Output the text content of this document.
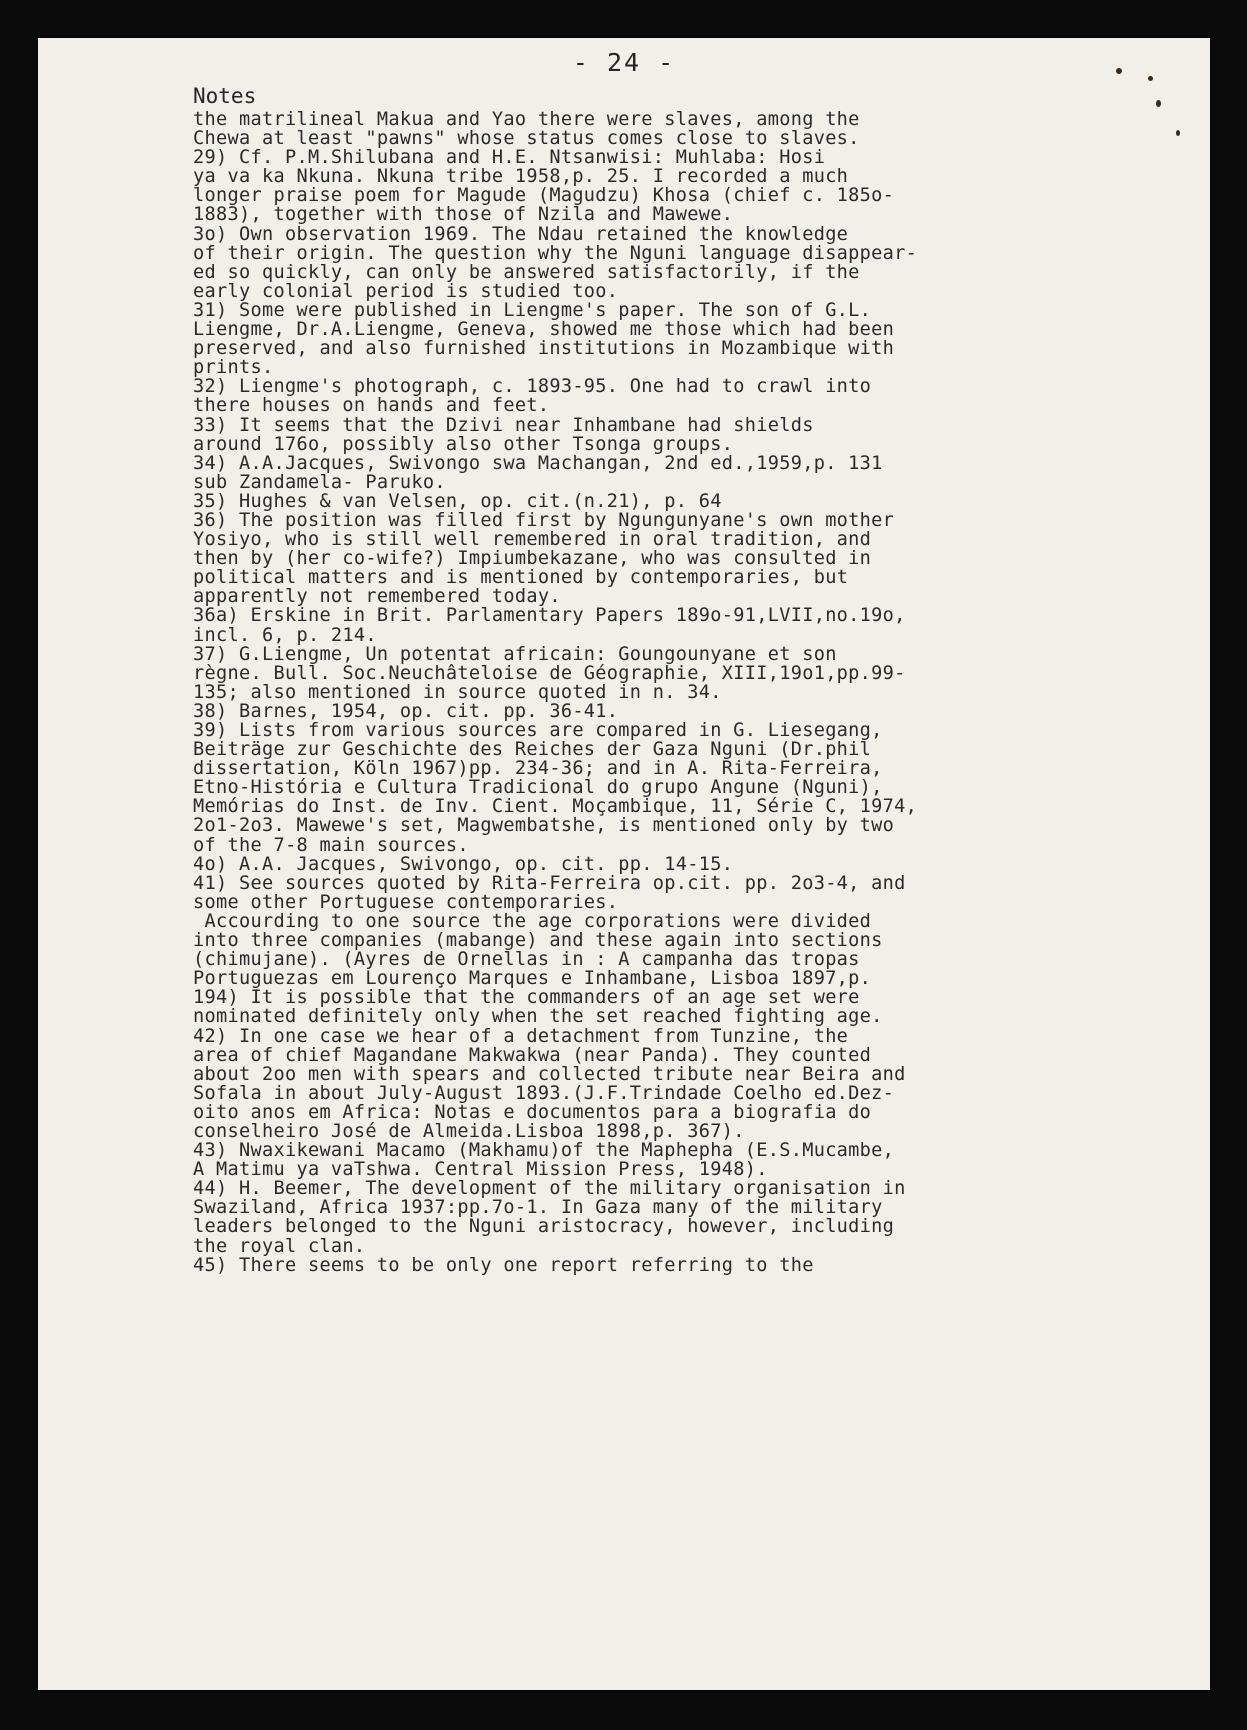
- 24 -
Notes
the matrilineal Makua and Yao there were slaves, among the
Chewa at least "pawns" whose status comes close to slaves.
29) Cf. P.M.Shilubana and H.E. Ntsanwisi: Muhlaba: Hosi
ya va ka Nkuna. Nkuna tribe 1958,p. 25. I recorded a much
longer praise poem for Magude (Magudzu) Khosa (chief c. 185o-
1883), together with those of Nzila and Mawewe.
3o) Own observation 1969. The Ndau retained the knowledge
of their origin. The question why the Nguni language disappear-
ed so quickly, can only be answered satisfactorily, if the
early colonial period is studied too.
31) Some were published in Liengme's paper. The son of G.L.
Liengme, Dr.A.Liengme, Geneva, showed me those which had been
preserved, and also furnished institutions in Mozambique with
prints.
32) Liengme's photograph, c. 1893-95. One had to crawl into
there houses on hands and feet.
33) It seems that the Dzivi near Inhambane had shields
around 176o, possibly also other Tsonga groups.
34) A.A.Jacques, Swivongo swa Machangan, 2nd ed.,1959,p. 131
sub Zandamela- Paruko.
35) Hughes & van Velsen, op. cit.(n.21), p. 64
36) The position was filled first by Ngungunyane's own mother
Yosiyo, who is still well remembered in oral tradition, and
then by (her co-wife?) Impiumbekazane, who was consulted in
political matters and is mentioned by contemporaries, but
apparently not remembered today.
36a) Erskine in Brit. Parlamentary Papers 189o-91,LVII,no.19o,
incl. 6, p. 214.
37) G.Liengme, Un potentat africain: Goungounyane et son
règne. Bull. Soc.Neuchâteloise de Géographie, XIII,19o1,pp.99-
135; also mentioned in source quoted in n. 34.
38) Barnes, 1954, op. cit. pp. 36-41.
39) Lists from various sources are compared in G. Liesegang,
Beiträge zur Geschichte des Reiches der Gaza Nguni (Dr.phil
dissertation, Köln 1967)pp. 234-36; and in A. Rita-Ferreira,
Etno-História e Cultura Tradicional do grupo Angune (Nguni),
Memórias do Inst. de Inv. Cient. Moçambique, 11, Série C, 1974,
2o1-2o3. Mawewe's set, Magwembatshe, is mentioned only by two
of the 7-8 main sources.
4o) A.A. Jacques, Swivongo, op. cit. pp. 14-15.
41) See sources quoted by Rita-Ferreira op.cit. pp. 2o3-4, and
some other Portuguese contemporaries.
Accourding to one source the age corporations were divided
into three companies (mabange) and these again into sections
(chimujane). (Ayres de Ornellas in : A campanha das tropas
Portuguezas em Lourenço Marques e Inhambane, Lisboa 1897,p.
194) It is possible that the commanders of an age set were
nominated definitely only when the set reached fighting age.
42) In one case we hear of a detachment from Tunzine, the
area of chief Magandane Makwakwa (near Panda). They counted
about 2oo men with spears and collected tribute near Beira and
Sofala in about July-August 1893.(J.F.Trindade Coelho ed.Dez-
oito anos em Africa: Notas e documentos para a biografia do
conselheiro José de Almeida.Lisboa 1898,p. 367).
43) Nwaxikewani Macamo (Makhamu)of the Maphepha (E.S.Mucambe,
A Matimu ya vaTshwa. Central Mission Press, 1948).
44) H. Beemer, The development of the military organisation in
Swaziland, Africa 1937:pp.7o-1. In Gaza many of the military
leaders belonged to the Nguni aristocracy, however, including
the royal clan.
45) There seems to be only one report referring to the
